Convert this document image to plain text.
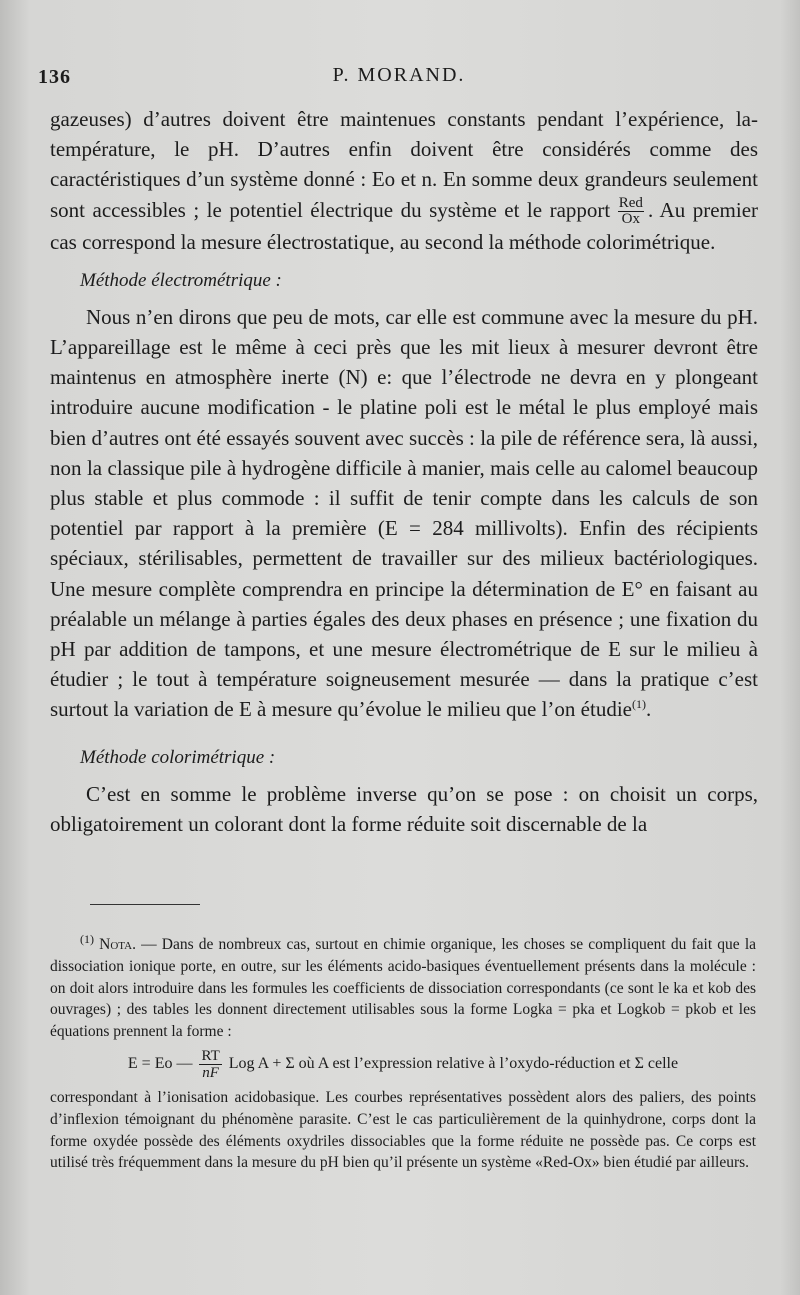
136	P. MORAND.

gazeuses) d’autres doivent être maintenues constants pendant l’expérience, la-température, le pH. D’autres enfin doivent être considérés comme des caractéristiques d’un système donné : Eo et n. En somme deux grandeurs seulement sont accessibles ; le potentiel électrique du système et le rapport $\frac{\text{Red}}{Ox}$ . Au premier cas correspond la mesure électrostatique, au second la méthode colorimétrique.

Méthode électrométrique :

Nous n’en dirons que peu de mots, car elle est commune avec la mesure du pH. L’appareillage est le même à ceci près que les mit lieux à mesurer devront être maintenus en atmosphère inerte (N) e: que l’électrode ne devra en y plongeant introduire aucune modification - le platine poli est le métal le plus employé mais bien d’autres ont été essayés souvent avec succès : la pile de référence sera, là aussi, non la classique pile à hydrogène difficile à manier, mais celle au calomel beaucoup plus stable et plus commode : il suffit de tenir compte dans les calculs de son potentiel par rapport à la première (E = 284 millivolts). Enfin des récipients spéciaux, stérilisables, permettent de travailler sur des milieux bactériologiques. Une mesure complète comprendra en principe la détermination de E° en faisant au préalable un mélange à parties égales des deux phases en présence ; une fixation du pH par addition de tampons, et une mesure électrométrique de E sur le milieu à étudier ; le tout à température soigneusement mesurée — dans la pratique c’est surtout la variation de E à mesure qu’évolue le milieu que l’on étudie$^{(1)}$.

Méthode colorimétrique :

C’est en somme le problème inverse qu’on se pose : on choisit un corps, obligatoirement un colorant dont la forme réduite soit discernable de la

$^{(1)}$ Nota. — Dans de nombreux cas, surtout en chimie organique, les choses se compliquent du fait que la dissociation ionique porte, en outre, sur les éléments acido-basiques éventuellement présents dans la molécule : on doit alors introduire dans les formules les coefficients de dissociation correspondants (ce sont le ka et kob des ouvrages) ; des tables les donnent directement utilisables sous la forme Logka = pka et Logkob = pkob et les équations prennent la forme :

E = Eo — $\frac{RT}{nF}$ Log A + Σ où A est l’expression relative à l’oxydo-réduction et Σ celle

correspondant à l’ionisation acidobasique. Les courbes représentatives possèdent alors des paliers, des points d’inflexion témoignant du phénomène parasite. C’est le cas particulièrement de la quinhydrone, corps dont la forme oxydée possède des éléments oxydriles dissociables que la forme réduite ne possède pas. Ce corps est utilisé très fréquemment dans la mesure du pH bien qu’il présente un système «Red-Ox» bien étudié par ailleurs.
